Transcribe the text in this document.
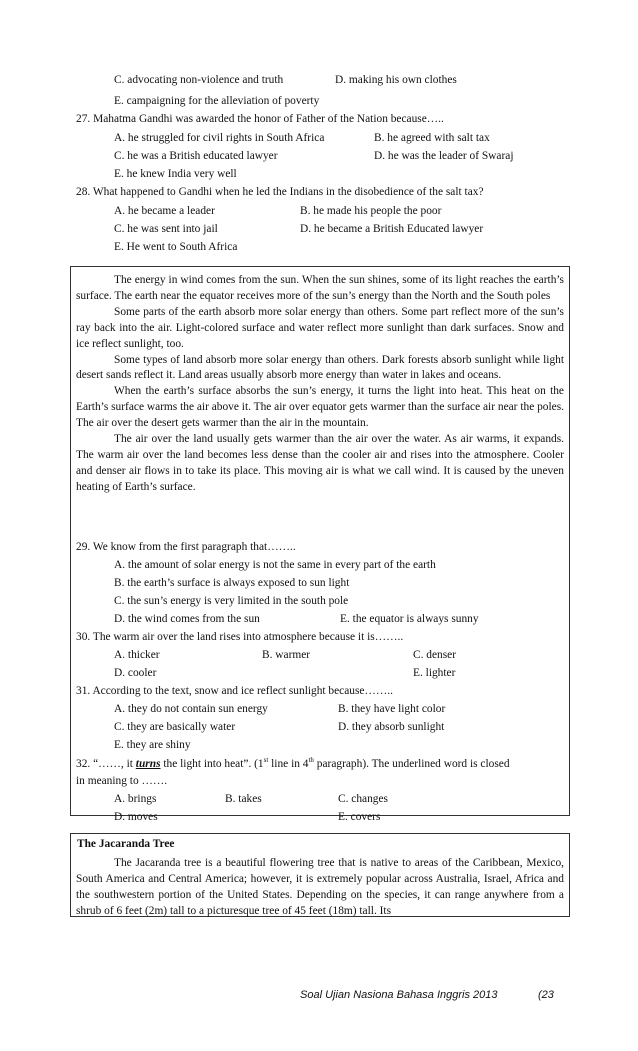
C. advocating non-violence and truth	D. making his own clothes
E. campaigning for the alleviation of poverty
27. Mahatma Gandhi was awarded the honor of Father of the Nation because…..
A. he struggled for civil rights in South Africa	B. he agreed with salt tax
C. he was a British educated lawyer	D. he was the leader of Swaraj
E. he knew India very well
28. What happened to Gandhi when he led the Indians in the disobedience of the salt tax?
A. he became a leader	B. he made his people the poor
C. he was sent into jail	D. he became a British Educated lawyer
E. He went to South Africa

The energy in wind comes from the sun. When the sun shines, some of its light reaches the earth’s surface. The earth near the equator receives more of the sun’s energy than the North and the South poles

Some parts of the earth absorb more solar energy than others. Some part reflect more of the sun’s ray back into the air. Light-colored surface and water reflect more sunlight than dark surfaces. Snow and ice reflect sunlight, too.

Some types of land absorb more solar energy than others. Dark forests absorb sunlight while light desert sands reflect it. Land areas usually absorb more energy than water in lakes and oceans.

When the earth’s surface absorbs the sun’s energy, it turns the light into heat. This heat on the Earth’s surface warms the air above it. The air over equator gets warmer than the surface air near the poles. The air over the desert gets warmer than the air in the mountain.

The air over the land usually gets warmer than the air over the water. As air warms, it expands. The warm air over the land becomes less dense than the cooler air and rises into the atmosphere. Cooler and denser air flows in to take its place. This moving air is what we call wind. It is caused by the uneven heating of Earth’s surface.

29. We know from the first paragraph that……..
A. the amount of solar energy is not the same in every part of the earth
B. the earth’s surface is always exposed to sun light
C. the sun’s energy is very limited in the south pole
D. the wind comes from the sun	E. the equator is always sunny
30. The warm air over the land rises into atmosphere because it is……..
A. thicker	B. warmer	C. denser
D. cooler	E. lighter
31. According to the text, snow and ice reflect sunlight because……..
A. they do not contain sun energy	B. they have light color
C. they are basically water	D. they absorb sunlight
E. they are shiny
32. “……, it turns the light into heat”. (1st line in 4th paragraph). The underlined word is closed
in meaning to …….
A. brings	B. takes	C. changes
D. moves	E. covers
The Jacaranda Tree

The Jacaranda tree is a beautiful flowering tree that is native to areas of the Caribbean, Mexico, South America and Central America; however, it is extremely popular across Australia, Israel, Africa and the southwestern portion of the United States. Depending on the species, it can range anywhere from a shrub of 6 feet (2m) tall to a picturesque tree of 45 feet (18m) tall. Its

Soal Ujian Nasiona Bahasa Inggris 2013	(23
